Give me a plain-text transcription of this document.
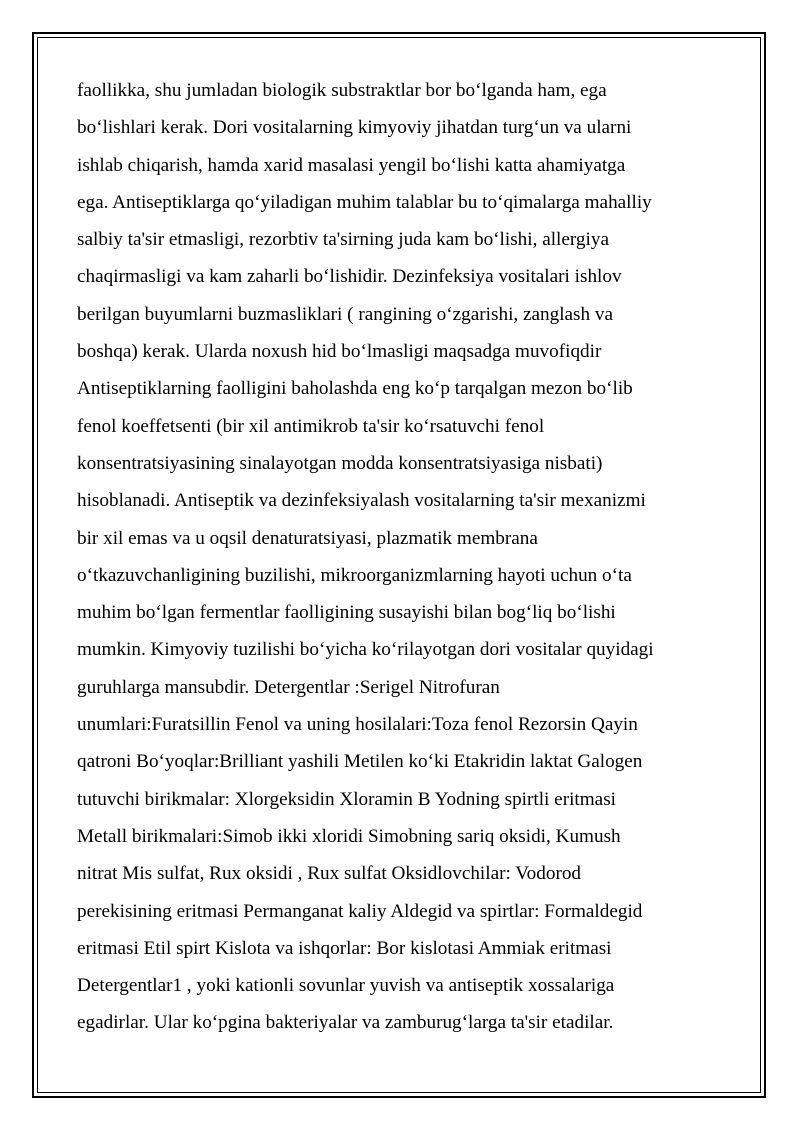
faollikka, shu jumladan biologik substraktlar bor boʻlganda ham, ega
boʻlishlari kerak. Dori vositalarning kimyoviy jihatdan turgʻun va ularni
ishlab chiqarish, hamda xarid masalasi yengil boʻlishi katta ahamiyatga
ega. Antiseptiklarga qoʻyiladigan muhim talablar bu toʻqimalarga mahalliy
salbiy ta'sir etmasligi, rezorbtiv ta'sirning juda kam boʻlishi, allergiya
chaqirmasligi va kam zaharli boʻlishidir. Dezinfeksiya vositalari ishlov
berilgan buyumlarni buzmasliklari ( rangining oʻzgarishi, zanglash va
boshqa) kerak. Ularda noxush hid boʻlmasligi maqsadga muvofiqdir
Antiseptiklarning faolligini baholashda eng koʻp tarqalgan mezon boʻlib
fenol koeffetsenti (bir xil antimikrob ta'sir koʻrsatuvchi fenol
konsentratsiyasining sinalayotgan modda konsentratsiyasiga nisbati)
hisoblanadi. Antiseptik va dezinfeksiyalash vositalarning ta'sir mexanizmi
bir xil emas va u oqsil denaturatsiyasi, plazmatik membrana
oʻtkazuvchanligining buzilishi, mikroorganizmlarning hayoti uchun oʻta
muhim boʻlgan fermentlar faolligining susayishi bilan bogʻliq boʻlishi
mumkin. Kimyoviy tuzilishi boʻyicha koʻrilayotgan dori vositalar quyidagi
guruhlarga mansubdir. Detergentlar :Serigel Nitrofuran
unumlari:Furatsillin Fenol va uning hosilalari:Toza fenol Rezorsin Qayin
qatroni Boʻyoqlar:Brilliant yashili Metilen koʻki Etakridin laktat Galogen
tutuvchi birikmalar: Xlorgeksidin Xloramin B Yodning spirtli eritmasi
Metall birikmalari:Simob ikki xloridi Simobning sariq oksidi, Kumush
nitrat Mis sulfat, Rux oksidi , Rux sulfat Oksidlovchilar: Vodorod
perekisining eritmasi Permanganat kaliy Aldegid va spirtlar: Formaldegid
eritmasi Etil spirt Kislota va ishqorlar: Bor kislotasi Ammiak eritmasi
Detergentlar1 , yoki kationli sovunlar yuvish va antiseptik xossalariga
egadirlar. Ular koʻpgina bakteriyalar va zamburugʻlarga ta'sir etadilar.
